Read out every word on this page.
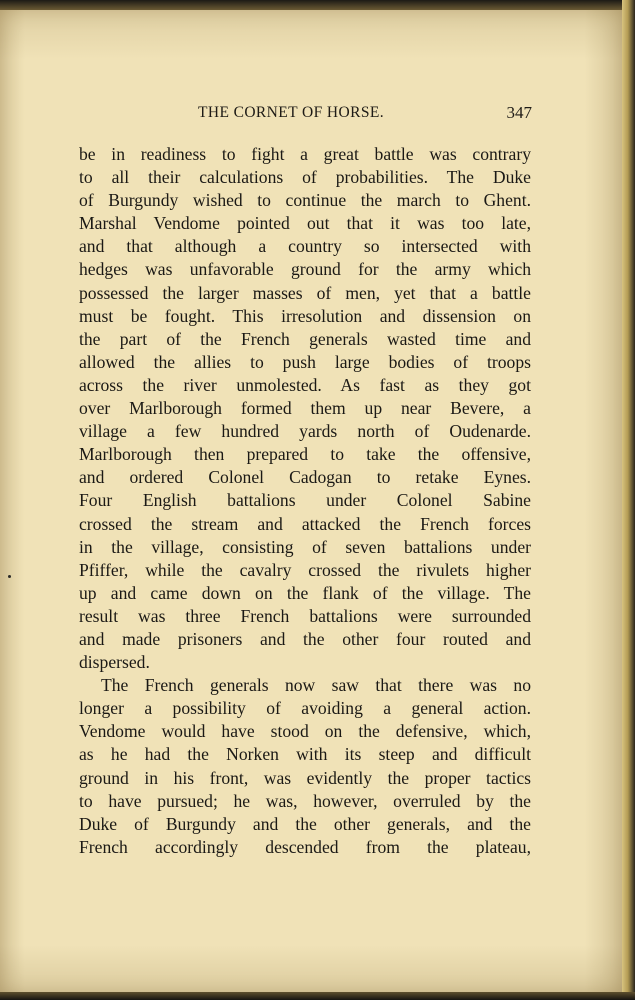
THE CORNET OF HORSE.	347
be in readiness to fight a great battle was contrary
to all their calculations of probabilities. The Duke
of Burgundy wished to continue the march to Ghent.
Marshal Vendome pointed out that it was too late,
and that although a country so intersected with
hedges was unfavorable ground for the army which
possessed the larger masses of men, yet that a battle
must be fought. This irresolution and dissension on
the part of the French generals wasted time and
allowed the allies to push large bodies of troops
across the river unmolested. As fast as they got
over Marlborough formed them up near Bevere, a
village a few hundred yards north of Oudenarde.
Marlborough then prepared to take the offensive,
and ordered Colonel Cadogan to retake Eynes.
Four English battalions under Colonel Sabine
crossed the stream and attacked the French forces
in the village, consisting of seven battalions under
Pfiffer, while the cavalry crossed the rivulets higher
up and came down on the flank of the village. The
result was three French battalions were surrounded
and made prisoners and the other four routed and
dispersed.
The French generals now saw that there was no
longer a possibility of avoiding a general action.
Vendome would have stood on the defensive, which,
as he had the Norken with its steep and difficult
ground in his front, was evidently the proper tactics
to have pursued; he was, however, overruled by the
Duke of Burgundy and the other generals, and the
French accordingly descended from the plateau,
